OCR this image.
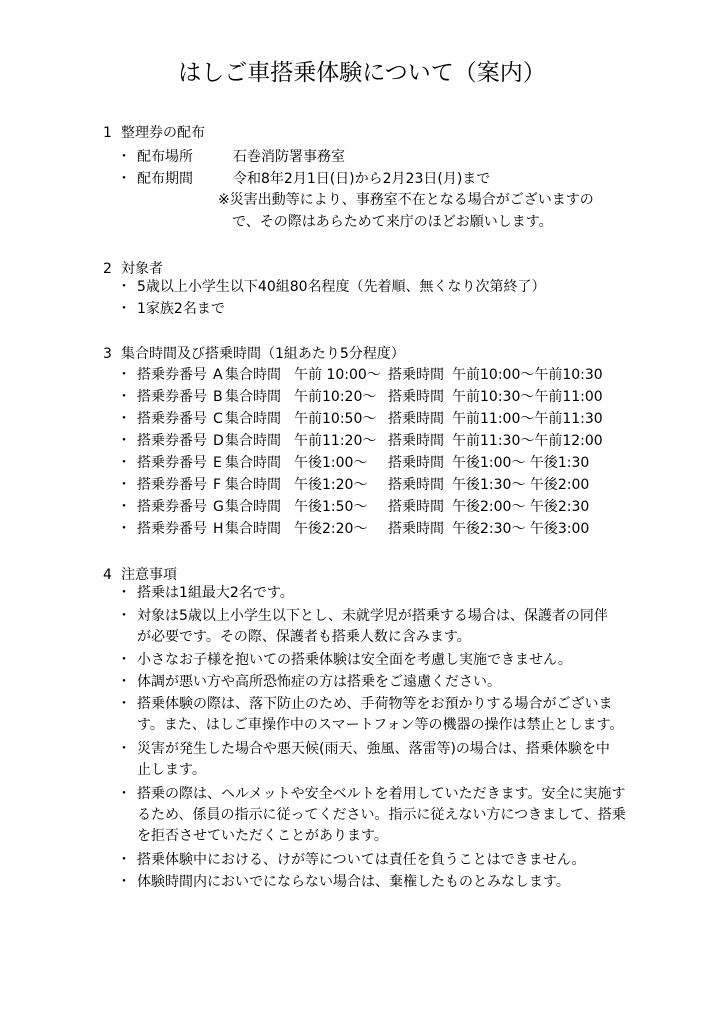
はしご車搭乗体験について（案内）
1 整理券の配布
・ 配布場所	石巻消防署事務室
・ 配布期間	令和8年2月1日(日)から2月23日(月)まで
※災害出動等により、事務室不在となる場合がございますの
で、その際はあらためて来庁のほどお願いします。
2 対象者
・ 5歳以上小学生以下40組80名程度（先着順、無くなり次第終了）
・ 1家族2名まで
3 集合時間及び搭乗時間（1組あたり5分程度）
・ 搭乗券番号 A 集合時間 午前 10:00～ 搭乗時間 午前10:00～午前10:30
・ 搭乗券番号 B 集合時間 午前10:20～ 搭乗時間 午前10:30～午前11:00
・ 搭乗券番号 C 集合時間 午前10:50～ 搭乗時間 午前11:00～午前11:30
・ 搭乗券番号 D 集合時間 午前11:20～ 搭乗時間 午前11:30～午前12:00
・ 搭乗券番号 E 集合時間 午後1:00～ 搭乗時間 午後1:00～ 午後1:30
・ 搭乗券番号 F 集合時間 午後1:20～ 搭乗時間 午後1:30～ 午後2:00
・ 搭乗券番号 G 集合時間 午後1:50～ 搭乗時間 午後2:00～ 午後2:30
・ 搭乗券番号 H 集合時間 午後2:20～ 搭乗時間 午後2:30～ 午後3:00
4 注意事項
・ 搭乗は1組最大2名です。
・ 対象は5歳以上小学生以下とし、未就学児が搭乗する場合は、保護者の同伴
が必要です。その際、保護者も搭乗人数に含みます。
・ 小さなお子様を抱いての搭乗体験は安全面を考慮し実施できません。
・ 体調が悪い方や高所恐怖症の方は搭乗をご遠慮ください。
・ 搭乗体験の際は、落下防止のため、手荷物等をお預かりする場合がございま
す。また、はしご車操作中のスマートフォン等の機器の操作は禁止とします。
・ 災害が発生した場合や悪天候(雨天、強風、落雷等)の場合は、搭乗体験を中
止します。
・ 搭乗の際は、ヘルメットや安全ベルトを着用していただきます。安全に実施す
るため、係員の指示に従ってください。指示に従えない方につきまして、搭乗
を拒否させていただくことがあります。
・ 搭乗体験中における、けが等については責任を負うことはできません。
・ 体験時間内においでにならない場合は、棄権したものとみなします。
